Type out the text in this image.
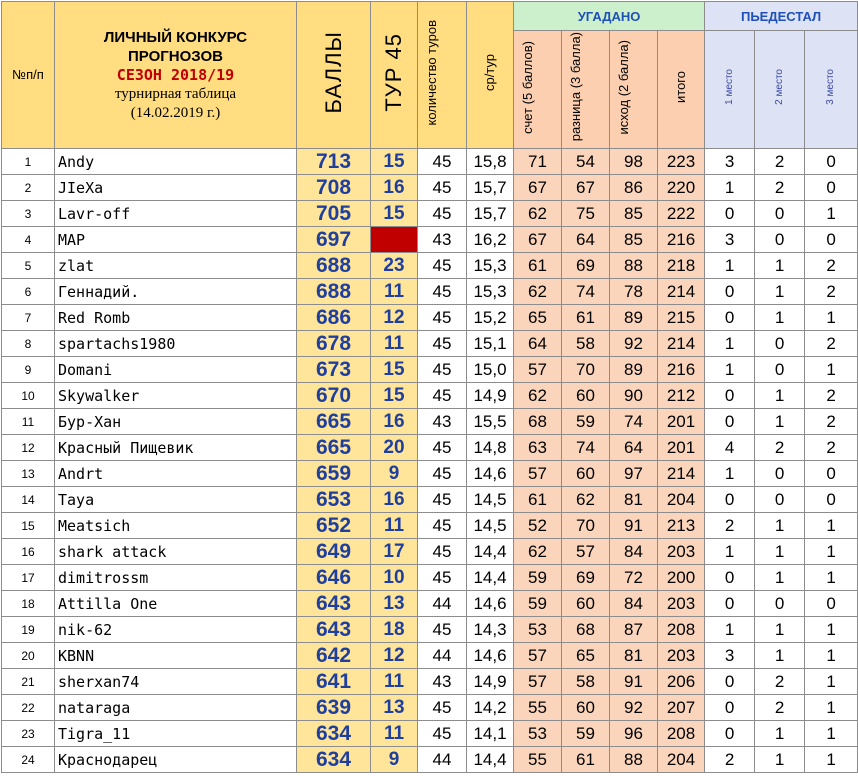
№п/п	ЛИЧНЫЙ КОНКУРС
ПРОГНОЗОВ
СЕЗОН 2018/19
турнирная таблица
(14.02.2019 г.)	БАЛЛЫ	ТУР 45	количество туров	ср/тур	УГАДАНО				ПЬЕДЕСТАЛ		
						счет (5 баллов)	разница (3 балла)	исход (2 балла)	итого	1 место	2 место	3 место
1	Andy	713	15	45	15,8	71	54	98	223	3	2	0
2	JIeXa	708	16	45	15,7	67	67	86	220	1	2	0
3	Lavr-off	705	15	45	15,7	62	75	85	222	0	0	1
4	MAP	697		43	16,2	67	64	85	216	3	0	0
5	zlat	688	23	45	15,3	61	69	88	218	1	1	2
6	Геннадий.	688	11	45	15,3	62	74	78	214	0	1	2
7	Red Romb	686	12	45	15,2	65	61	89	215	0	1	1
8	spartachs1980	678	11	45	15,1	64	58	92	214	1	0	2
9	Domani	673	15	45	15,0	57	70	89	216	1	0	1
10	Skywalker	670	15	45	14,9	62	60	90	212	0	1	2
11	Бур-Хан	665	16	43	15,5	68	59	74	201	0	1	2
12	Красный Пищевик	665	20	45	14,8	63	74	64	201	4	2	2
13	Andrt	659	9	45	14,6	57	60	97	214	1	0	0
14	Taya	653	16	45	14,5	61	62	81	204	0	0	0
15	Meatsich	652	11	45	14,5	52	70	91	213	2	1	1
16	shark attack	649	17	45	14,4	62	57	84	203	1	1	1
17	dimitrossm	646	10	45	14,4	59	69	72	200	0	1	1
18	Attilla One	643	13	44	14,6	59	60	84	203	0	0	0
19	nik-62	643	18	45	14,3	53	68	87	208	1	1	1
20	KBNN	642	12	44	14,6	57	65	81	203	3	1	1
21	sherxan74	641	11	43	14,9	57	58	91	206	0	2	1
22	nataraga	639	13	45	14,2	55	60	92	207	0	2	1
23	Tigra_11	634	11	45	14,1	53	59	96	208	0	1	1
24	Краснодарец	634	9	44	14,4	55	61	88	204	2	1	1
